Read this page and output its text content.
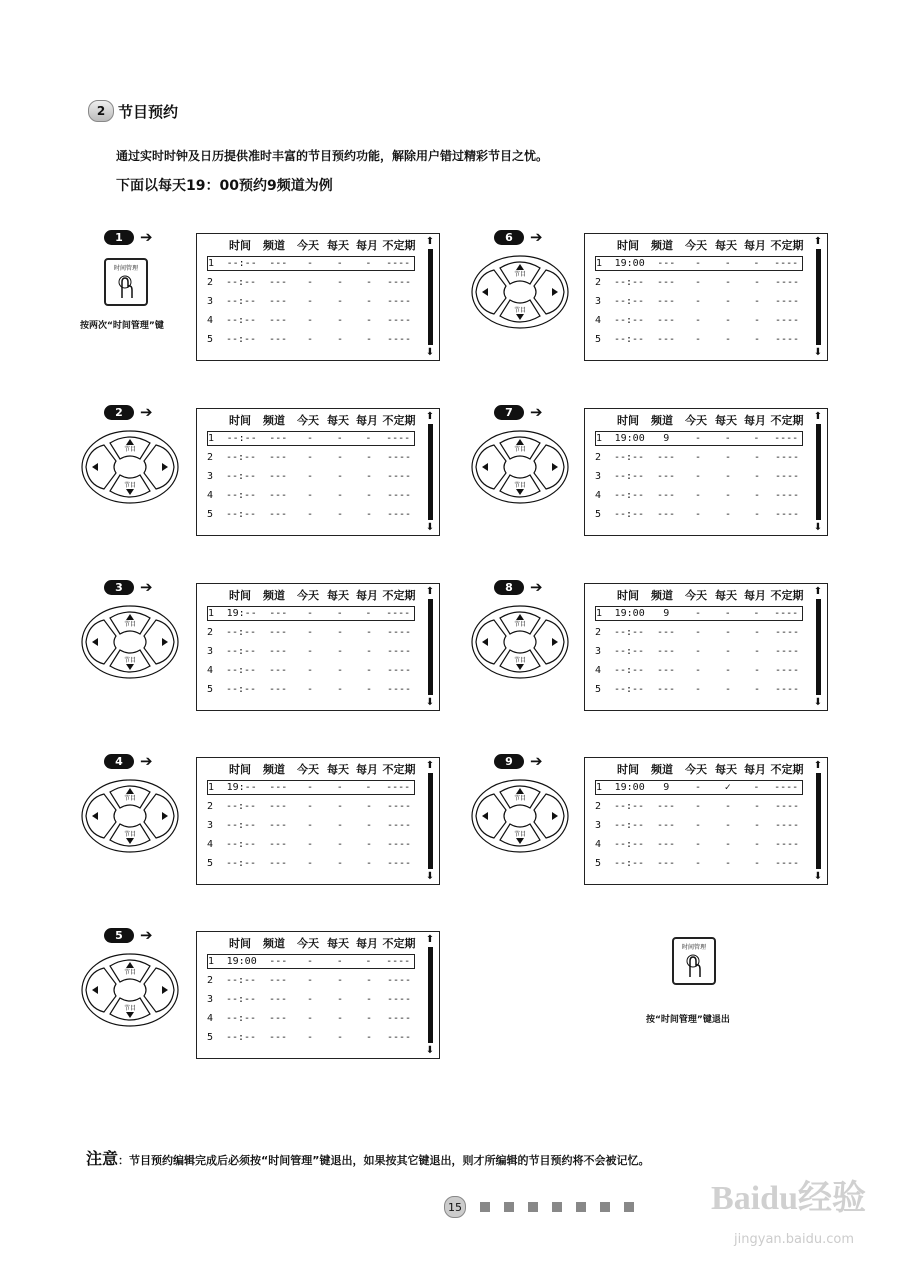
2 节目预约
通过实时时钟及日历提供准时丰富的节目预约功能，解除用户错过精彩节目之忧。
下面以每天19：00预约9频道为例
1	➔	时间	频道	今天 每天 每月 不定期
1	--:--	---	-	-	-	----
2	--:--	---	-	-	-	----
3	--:--	---	-	-	-	----
4	--:--	---	-	-	-	----
5	--:--	---	-	-	-	----
⬆
⬇
2	➔
节目
节目
时间	频道	今天 每天 每月 不定期
1	--:--	---	-	-	-	----
2	--:--	---	-	-	-	----
3	--:--	---	-	-	-	----
4	--:--	---	-	-	-	----
5	--:--	---	-	-	-	----
⬆
⬇
3	➔
节目
节目
时间	频道	今天 每天 每月 不定期
1	19:--	---	-	-	-	----
2	--:--	---	-	-	-	----
3	--:--	---	-	-	-	----
4	--:--	---	-	-	-	----
5	--:--	---	-	-	-	----
⬆
⬇
4	➔
节目
节目
时间	频道	今天 每天 每月 不定期
1	19:--	---	-	-	-	----
2	--:--	---	-	-	-	----
3	--:--	---	-	-	-	----
4	--:--	---	-	-	-	----
5	--:--	---	-	-	-	----
⬆
⬇
5	➔
节目
节目
时间	频道	今天 每天 每月 不定期
1	19:00	---	-	-	-	----
2	--:--	---	-	-	-	----
3	--:--	---	-	-	-	----
4	--:--	---	-	-	-	----
5	--:--	---	-	-	-	----
⬆
⬇
6	➔
节目
节目
时间	频道	今天 每天 每月 不定期
1	19:00	---	-	-	-	----
2	--:--	---	-	-	-	----
3	--:--	---	-	-	-	----
4	--:--	---	-	-	-	----
5	--:--	---	-	-	-	----
⬆
⬇
7	➔
节目
节目
时间	频道	今天 每天 每月 不定期
1	19:00	9	-	-	-	----
2	--:--	---	-	-	-	----
3	--:--	---	-	-	-	----
4	--:--	---	-	-	-	----
5	--:--	---	-	-	-	----
⬆
⬇
8	➔
节目
节目
时间	频道	今天 每天 每月 不定期
1	19:00	9	-	-	-	----
2	--:--	---	-	-	-	----
3	--:--	---	-	-	-	----
4	--:--	---	-	-	-	----
5	--:--	---	-	-	-	----
⬆
⬇
9	➔
节目
节目
时间	频道	今天 每天 每月 不定期
1	19:00	9	-	✓	-	----
2	--:--	---	-	-	-	----
3	--:--	---	-	-	-	----
4	--:--	---	-	-	-	----
5	--:--	---	-	-	-	----
⬆
⬇
时间管理
按两次“时间管理”键
时间管理
按“时间管理”键退出
注意：节目预约编辑完成后必须按“时间管理”键退出，如果按其它键退出，则才所编辑的节目预约将不会被记忆。
15	Baidu经验
jingyan.baidu.com
